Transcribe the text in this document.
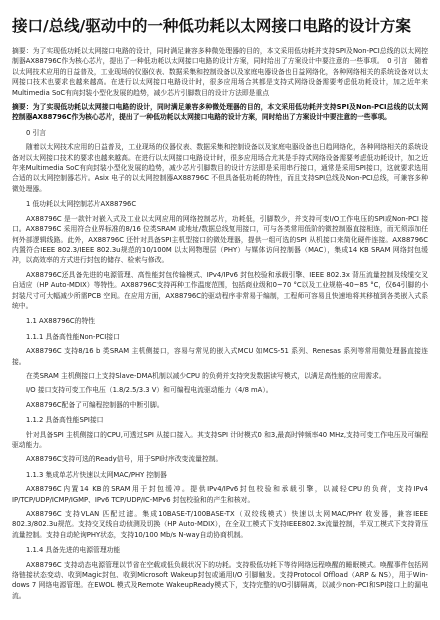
接口/总线/驱动中的一种低功耗以太网接口电路的设计方案

摘要：为了实现低功耗以太网接口电路的设计，同时满足兼容多种微处理器的目的，本文采用低功耗并支持SPI及Non-PCI总线的以太网控制器AX88796C作为核心芯片，提出了一种低功耗以太网接口电路的设计方案，同时给出了方案设计中要注意的一些事项。　0 引言　随着以太网技术应用的日益普及，工业现场的仪器仪表、数据采集和控制设备以及家庭电器设备也日益网络化，各种网络相关的系统设备对以太网接口技术也要求也越来越高。在进行以太网接口电路设计时，很多应用场合其都是支持式网络设备需要考虑低功耗设计，加之近年来Multimedia SoC有向封装小型化发展的趋势，减少芯片引脚数目的设计方法即是重点

摘要：为了实现低功耗以太网接口电路的设计，同时满足兼容多种微处理器的目的，本文采用低功耗并支持SPI及Non-PCI总线的以太网控制器AX88796C作为核心芯片，提出了一种低功耗以太网接口电路的设计方案，同时给出了方案设计中要注意的一些事项。

0 引言

随着以太网技术应用的日益普及，工业现场的仪器仪表、数据采集和控制设备以及家庭电器设备也日趋网络化，各种网络相关的系统设备对以太网接口技术的要求也越来越高。在进行以太网接口电路设计时，很多应用场合尤其是手持式网络设备需要考虑低功耗设计，加之近年来Multimedia SoC有向封装小型化发展的趋势，减少芯片引脚数目的设计方法即是采用串行接口，通常是采用SPI接口，这就要求选用合适的以太网控制器芯片。Asix 电子的以太网控制器AX88796C 不但具备低功耗的特性，而且支持SPI总线及Non-PCI总线，可兼容多种微处理器。

1 低功耗以太网控制芯片AX88796C

AX88796C 是一款针对嵌入式及工业以太网应用的网络控制芯片，功耗低，引脚数少，并支持可变I/O工作电压的SPI或Non-PCI 接口。AX88796C 采用符合业界标准的8/16 位类SRAM 或地址/数据总线复用接口，可与各类常用低阶的微控制器直接相连，而无须添加任何外部逻辑线路。此外，AX88796C 还针对具备SPI主机型接口的微处理器，提供一组可选的SPI 从机接口来简化硬件连接。AX88796C 内置符合IEEE 802.3/IEEE 802.3u规范的10/100M 以太网物理层（PHY）与媒体访问控制器（MAC），集成14 KB SRAM 网络封包缓冲，以高效率的方式进行封包的储存、检索与修改。

AX88796C还具备先进的电源管理、高性能封包传输模式、IPv4/IPv6 封包校验和承载引擎、IEEE 802.3x 背压流量控制及线缆交叉自适应（HP Auto-MDIX）等特性。AX88796C支持再种工作温度范围，包括商业级和0~70 °C以及工业规格-40~85 °C，仅64引脚的小封装尺寸可大幅减少所需PCB 空间。在应用方面，AX88796C的驱动程序非常易于编制，工程师可容易且快速地将其移植到各类嵌入式系统中。

1.1 AX88796C的特性

1.1.1 具备高性能Non-PCI接口

AX88796C 支持8/16 b 类SRAM 主机侧接口，容易与常见的嵌入式MCU 如MCS-51 系列、Renesas 系列等常用微处理器直接连接。

在类SRAM 主机侧接口上支持Slave-DMA机制以减少CPU 的负荷并支持突发数据读写模式，以满足高性能的应用需求。

I/O 接口支持可变工作电压（1.8/2.5/3.3 V）和可编程电流驱动能力（4/8 mA）。

AX88796C配备了可编程控制器的中断引脚。

1.1.2 具备高性能SPI接口

针对具备SPI 主机侧接口的CPU,可透过SPI 从接口接入。其支持SPI 计时模式0 和3,最高时钟频率40 MHz,支持可变工作电压及可编程驱动能力。

AX88796C支持可选的Ready信号，用于SPI时序改变流量控制。

1.1.3 集成单芯片快速以太网MAC/PHY 控制器

AX88796C内置14 KB的SRAM用于封包缓冲。提供IPv4/IPv6封包校验和承载引擎，以减轻CPU的负荷，支持IPv4 IP/TCP/UDP/ICMP/IGMP、IPv6 TCP/UDP/IC-MPv6 封包校验和的产生和核对。

AX88796C 支持VLAN 匹配过滤。集成10BASE-T/100BASE-TX（双绞线模式）快速以太网MAC/PHY 收发器，兼容IEEE 802.3/802.3u规范。支持交叉线自动侦测及切换（HP Auto-MDIX），在全双工模式下支持IEEE802.3x流量控制，半双工模式下支持背压流量控制。支持自动轮询PHY状态，支持10/100 Mb/s N-way自动协商机制。

1.1.4 具备先进的电源管理功能

AX88796C 支持动态电源管理以节省在空载或低负载状况下的功耗。支持极低功耗下等待网络远程唤醒的睡眠模式。唤醒事件包括网络链接状态变动、收到Magic封包、收到Microsoft Wakeup封包或通用I/O 引脚触发。支持Protocol Offload（ARP & NS），用于Win-dows 7 网络电源管理。在EWOL 模式及Remote WakeupReady模式下，支持完整的I/O引脚隔离，以减少non-PCI和SPI接口上的漏电流。
